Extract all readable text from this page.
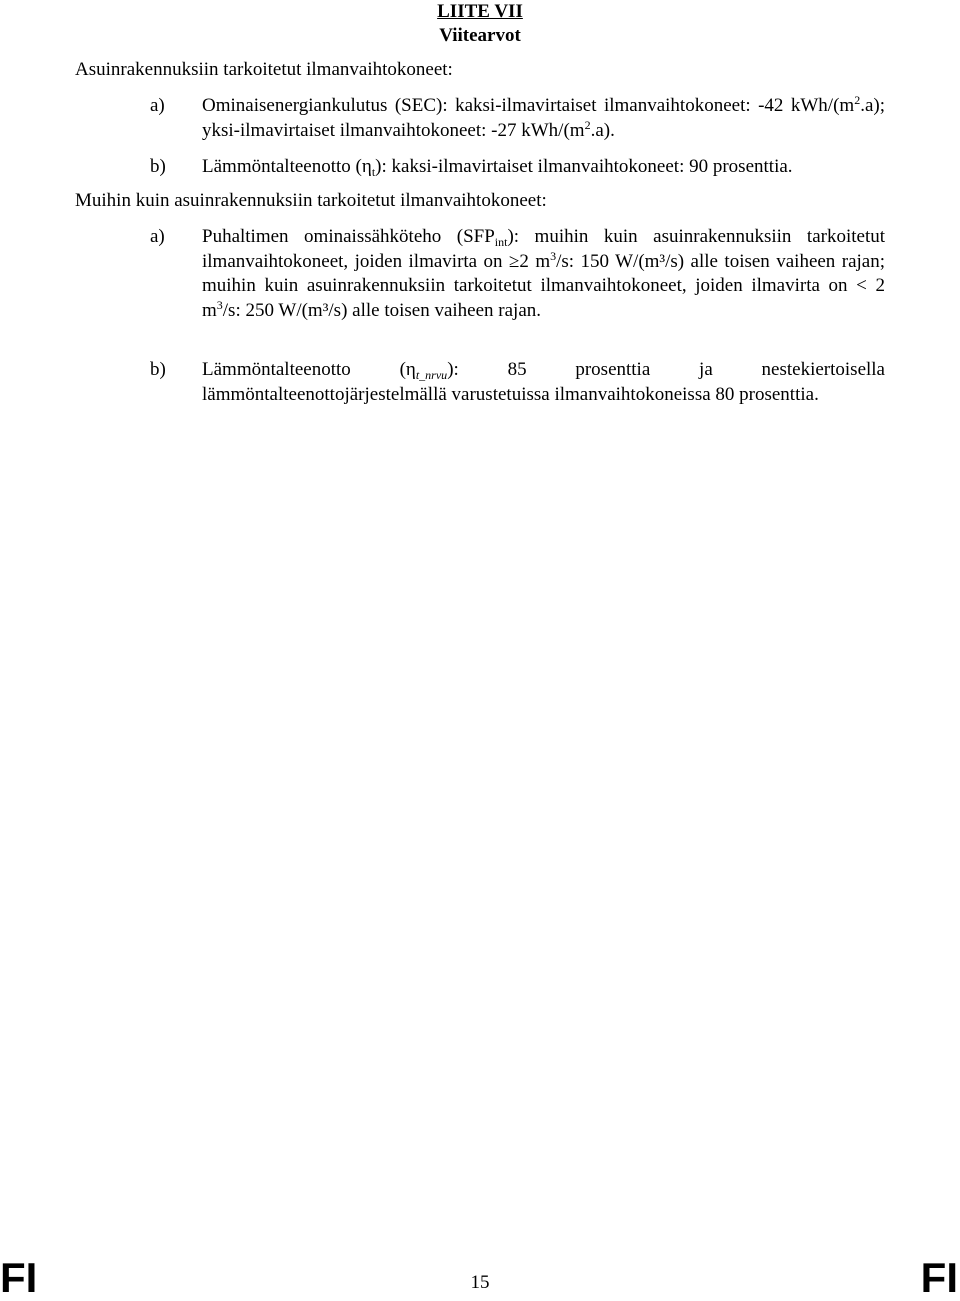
LIITE VII
Viitearvot
Asuinrakennuksiin tarkoitetut ilmanvaihtokoneet:
a) Ominaisenergiankulutus (SEC): kaksi-ilmavirtaiset ilmanvaihtokoneet: -42 kWh/$(m^2.a)$; yksi-ilmavirtaiset ilmanvaihtokoneet: -27 kWh/$(m^2.a)$.
b) Lämmöntalteenotto $(\eta_t)$: kaksi-ilmavirtaiset ilmanvaihtokoneet: 90 prosenttia.
Muihin kuin asuinrakennuksiin tarkoitetut ilmanvaihtokoneet:
a) Puhaltimen ominaissähköteho $(SFP_{int})$: muihin kuin asuinrakennuksiin tarkoitetut ilmanvaihtokoneet, joiden ilmavirta on ≥2 $m^3/s$: 150 W/(m³/s) alle toisen vaiheen rajan; muihin kuin asuinrakennuksiin tarkoitetut ilmanvaihtokoneet, joiden ilmavirta on < 2 $m^3/s$: 250 W/(m³/s) alle toisen vaiheen rajan.
b) Lämmöntalteenotto $(\eta_{t\_nrvu})$: 85 prosenttia ja nestekiertoisella lämmöntalteenottojärjestelmällä varustetuissa ilmanvaihtokoneissa 80 prosenttia.
FI	15	FI
